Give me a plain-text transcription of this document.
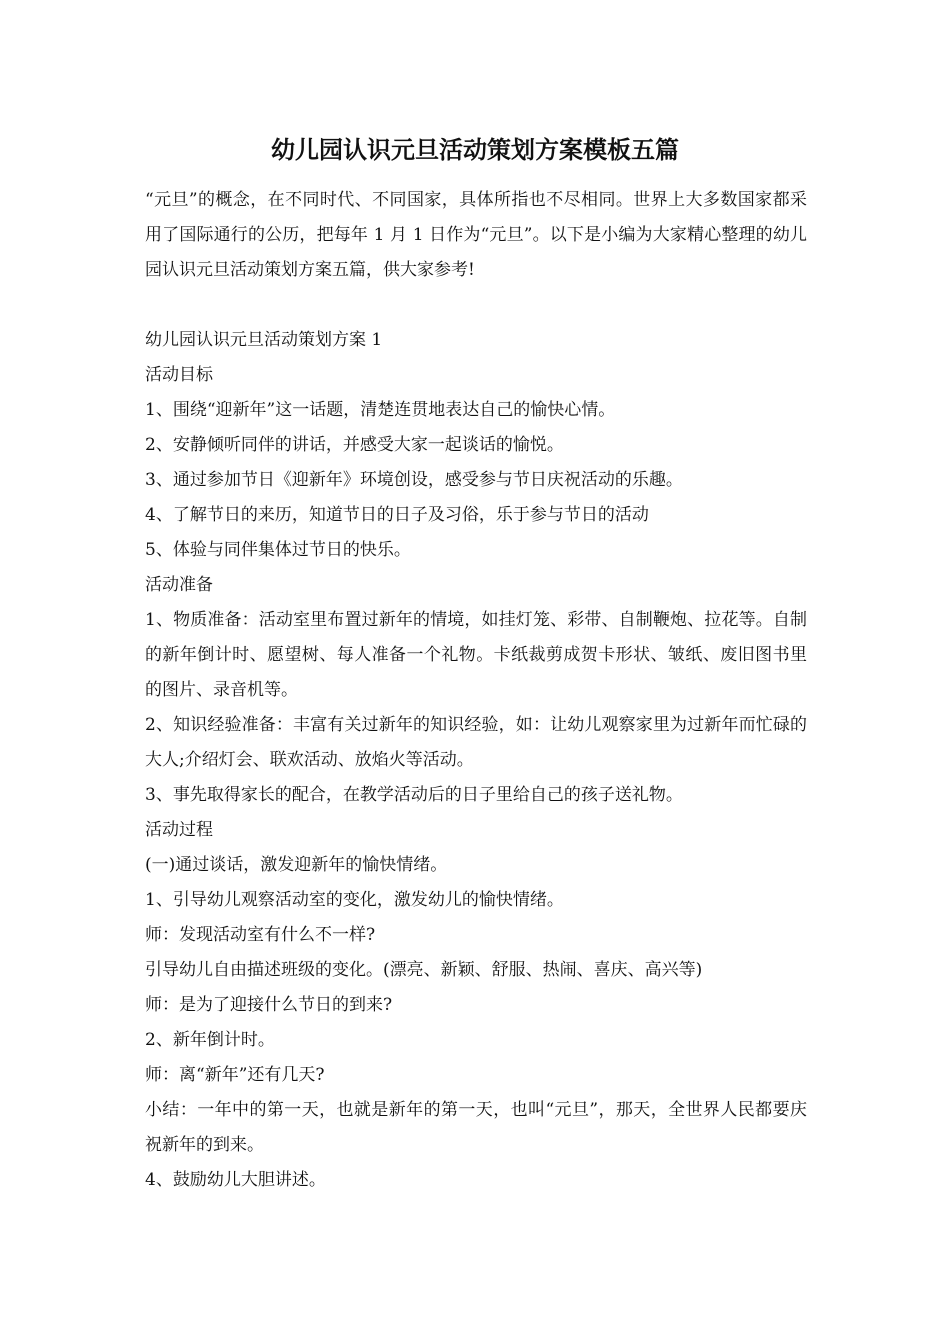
幼儿园认识元旦活动策划方案模板五篇

“元旦”的概念，在不同时代、不同国家，具体所指也不尽相同。世界上大多数国家都采用了国际通行的公历，把每年 1 月 1 日作为“元旦”。以下是小编为大家精心整理的幼儿园认识元旦活动策划方案五篇，供大家参考!

幼儿园认识元旦活动策划方案 1

活动目标

1、围绕“迎新年”这一话题，清楚连贯地表达自己的愉快心情。

2、安静倾听同伴的讲话，并感受大家一起谈话的愉悦。

3、通过参加节日《迎新年》环境创设，感受参与节日庆祝活动的乐趣。

4、了解节日的来历，知道节日的日子及习俗，乐于参与节日的活动

5、体验与同伴集体过节日的快乐。

活动准备

1、物质准备：活动室里布置过新年的情境，如挂灯笼、彩带、自制鞭炮、拉花等。自制的新年倒计时、愿望树、每人准备一个礼物。卡纸裁剪成贺卡形状、皱纸、废旧图书里的图片、录音机等。

2、知识经验准备：丰富有关过新年的知识经验，如：让幼儿观察家里为过新年而忙碌的大人;介绍灯会、联欢活动、放焰火等活动。

3、事先取得家长的配合，在教学活动后的日子里给自己的孩子送礼物。

活动过程

(一)通过谈话，激发迎新年的愉快情绪。

1、引导幼儿观察活动室的变化，激发幼儿的愉快情绪。

师：发现活动室有什么不一样?

引导幼儿自由描述班级的变化。(漂亮、新颖、舒服、热闹、喜庆、高兴等)

师：是为了迎接什么节日的到来?

2、新年倒计时。

师：离“新年”还有几天?

小结：一年中的第一天，也就是新年的第一天，也叫“元旦”，那天，全世界人民都要庆祝新年的到来。

4、鼓励幼儿大胆讲述。
